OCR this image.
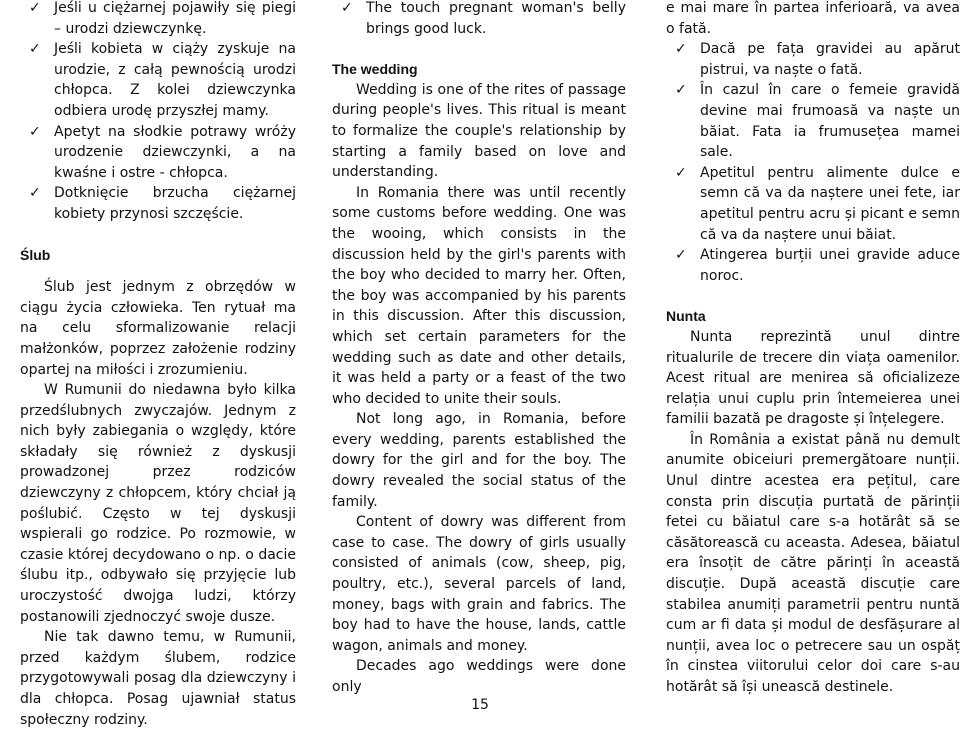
✓ Jeśli u ciężarnej pojawiły się piegi – urodzi dziewczynkę.
✓ Jeśli kobieta w ciąży zyskuje na urodzie, z całą pewnością urodzi chłopca. Z kolei dziewczynka odbiera urodę przyszłej mamy.
✓ Apetyt na słodkie potrawy wróży urodzenie dziewczynki, a na kwaśne i ostre - chłopca.
✓ Dotknięcie brzucha ciężarnej kobiety przynosi szczęście.

Ślub

Ślub jest jednym z obrzędów w ciągu życia człowieka. Ten rytuał ma na celu sformalizowanie relacji małżonków, poprzez założenie rodziny opartej na miłości i zrozumieniu.

W Rumunii do niedawna było kilka przedślubnych zwyczajów. Jednym z nich były zabiegania o względy, które składały się również z dyskusji prowadzonej przez rodziców dziewczyny z chłopcem, który chciał ją poślubić. Często w tej dyskusji wspierali go rodzice. Po rozmowie, w czasie której decydowano o np. o dacie ślubu itp., odbywało się przyjęcie lub uroczystość dwojga ludzi, którzy postanowili zjednoczyć swoje dusze.

Nie tak dawno temu, w Rumunii, przed każdym ślubem, rodzice przygotowywali posag dla dziewczyny i dla chłopca. Posag ujawniał status społeczny rodziny.

✓ The touch pregnant woman's belly brings good luck.

The wedding

Wedding is one of the rites of passage during people's lives. This ritual is meant to formalize the couple's relationship by starting a family based on love and understanding.

In Romania there was until recently some customs before wedding. One was the wooing, which consists in the discussion held by the girl's parents with the boy who decided to marry her. Often, the boy was accompanied by his parents in this discussion. After this discussion, which set certain parameters for the wedding such as date and other details, it was held a party or a feast of the two who decided to unite their souls.

Not long ago, in Romania, before every wedding, parents established the dowry for the girl and for the boy. The dowry revealed the social status of the family.

Content of dowry was different from case to case. The dowry of girls usually consisted of animals (cow, sheep, pig, poultry, etc.), several parcels of land, money, bags with grain and fabrics. The boy had to have the house, lands, cattle wagon, animals and money.

Decades ago weddings were done only

e mai mare în partea inferioară, va avea o fată.

✓ Dacă pe fața gravidei au apărut pistrui, va naște o fată.
✓ În cazul în care o femeie gravidă devine mai frumoasă va naște un băiat. Fata ia frumusețea mamei sale.
✓ Apetitul pentru alimente dulce e semn că va da naștere unei fete, iar apetitul pentru acru și picant e semn că va da naștere unui băiat.
✓ Atingerea burții unei gravide aduce noroc.

Nunta

Nunta reprezintă unul dintre ritualurile de trecere din viața oamenilor. Acest ritual are menirea să oficializeze relația unui cuplu prin întemeierea unei familii bazată pe dragoste și înțelegere.

În România a existat până nu demult anumite obiceiuri premergătoare nunții. Unul dintre acestea era pețitul, care consta prin discuția purtată de părinții fetei cu băiatul care s-a hotărât să se căsătorească cu aceasta. Adesea, băiatul era însoțit de către părinți în această discuție. După această discuție care stabilea anumiți parametrii pentru nuntă cum ar fi data și modul de desfășurare al nunții, avea loc o petrecere sau un ospăț în cinstea viitorului celor doi care s-au hotărât să își unească destinele.

15
